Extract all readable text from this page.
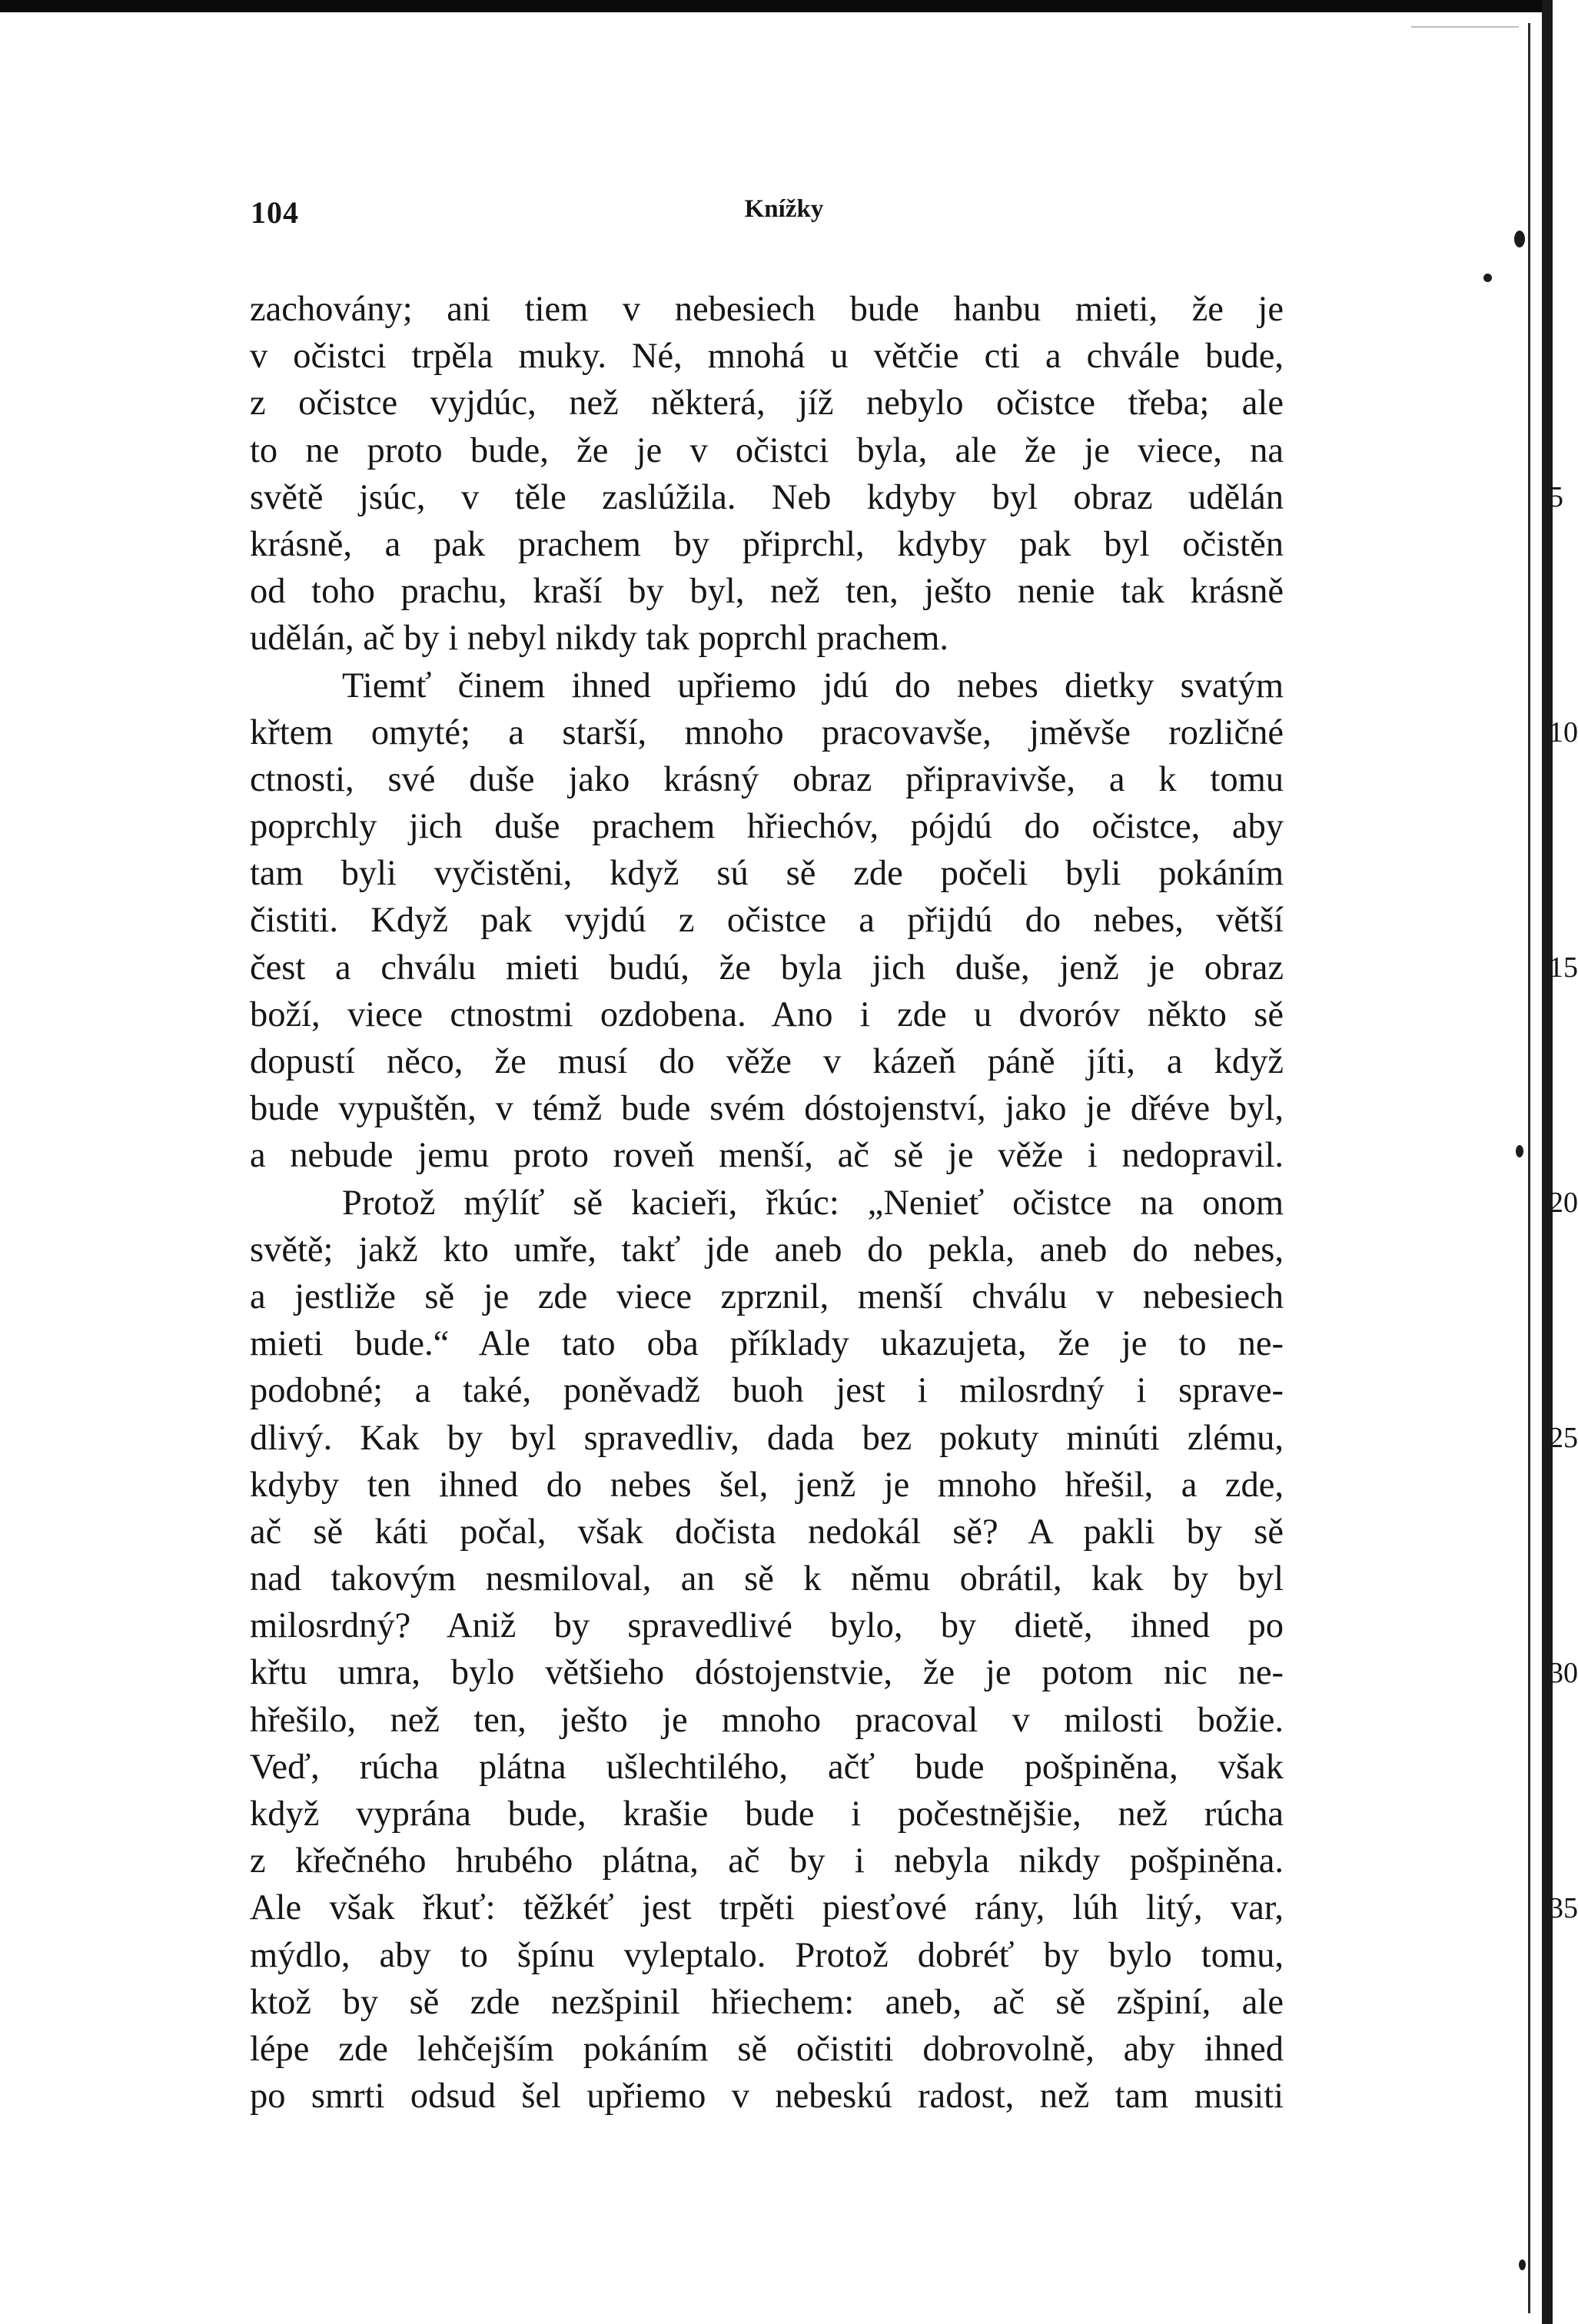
104	Knížky
zachovány; ani tiem v nebesiech bude hanbu mieti, že je
v očistci trpěla muky. Né, mnohá u větčie cti a chvále bude,
z očistce vyjdúc, než některá, jíž nebylo očistce třeba; ale
to ne proto bude, že je v očistci byla, ale že je viece, na
světě jsúc, v těle zaslúžila. Neb kdyby byl obraz udělán
krásně, a pak prachem by připrchl, kdyby pak byl očistěn
od toho prachu, kraší by byl, než ten, ješto nenie tak krásně
udělán, ač by i nebyl nikdy tak poprchl prachem.
Tiemť činem ihned upřiemo jdú do nebes dietky svatým
křtem omyté; a starší, mnoho pracovavše, jměvše rozličné
ctnosti, své duše jako krásný obraz připravivše, a k tomu
poprchly jich duše prachem hřiechóv, pójdú do očistce, aby
tam byli vyčistěni, když sú sě zde počeli byli pokáním
čistiti. Když pak vyjdú z očistce a přijdú do nebes, větší
čest a chválu mieti budú, že byla jich duše, jenž je obraz
boží, viece ctnostmi ozdobena. Ano i zde u dvoróv někto sě
dopustí něco, že musí do věže v kázeň páně jíti, a když
bude vypuštěn, v témž bude svém dóstojenství, jako je dřéve byl,
a nebude jemu proto roveň menší, ač sě je věže i nedopravil.
Protož mýlíť sě kacieři, řkúc: „Nenieť očistce na onom
světě; jakž kto umře, takť jde aneb do pekla, aneb do nebes,
a jestliže sě je zde viece zprznil, menší chválu v nebesiech
mieti bude.“ Ale tato oba příklady ukazujeta, že je to ne-
podobné; a také, poněvadž buoh jest i milosrdný i sprave-
dlivý. Kak by byl spravedliv, dada bez pokuty minúti zlému,
kdyby ten ihned do nebes šel, jenž je mnoho hřešil, a zde,
ač sě káti počal, však dočista nedokál sě? A pakli by sě
nad takovým nesmiloval, an sě k němu obrátil, kak by byl
milosrdný? Aniž by spravedlivé bylo, by dietě, ihned po
křtu umra, bylo většieho dóstojenstvie, že je potom nic ne-
hřešilo, než ten, ješto je mnoho pracoval v milosti božie.
Veď, rúcha plátna ušlechtilého, ačť bude pošpiněna, však
když vyprána bude, krašie bude i počestnějšie, než rúcha
z křečného hrubého plátna, ač by i nebyla nikdy pošpiněna.
Ale však řkuť: těžkéť jest trpěti piesťové rány, lúh litý, var,
mýdlo, aby to špínu vyleptalo. Protož dobréť by bylo tomu,
ktož by sě zde nezšpinil hřiechem: aneb, ač sě zšpiní, ale
lépe zde lehčejším pokáním sě očistiti dobrovolně, aby ihned
po smrti odsud šel upřiemo v nebeskú radost, než tam musiti
5
10
15
20
25
30
35
